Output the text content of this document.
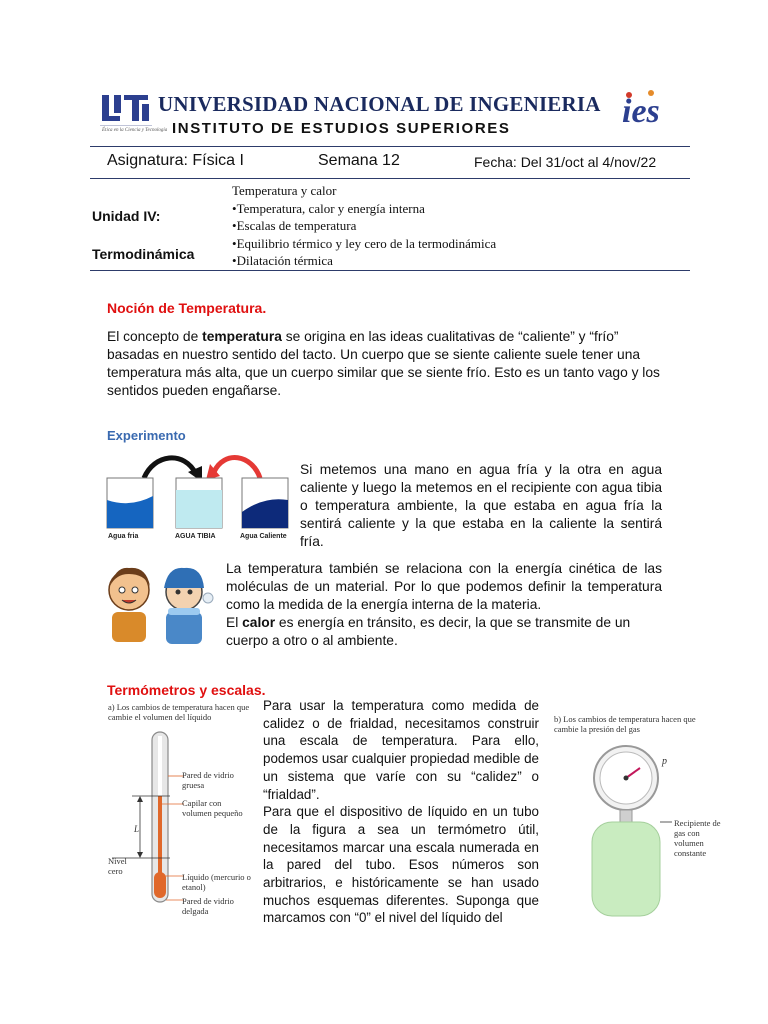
Ética en la Ciencia y Tecnología
UNIVERSIDAD NACIONAL DE INGENIERIA
INSTITUTO DE ESTUDIOS SUPERIORES	ies
Asignatura: Física I	Semana 12	Fecha: Del 31/oct al 4/nov/22
Unidad IV:
Termodinámica
Temperatura y calor
•Temperatura, calor y energía interna
•Escalas de temperatura
•Equilibrio térmico y ley cero de la termodinámica
•Dilatación térmica
Noción de Temperatura.
El concepto de temperatura se origina en las ideas cualitativas de “caliente” y “frío” basadas en nuestro sentido del tacto. Un cuerpo que se siente caliente suele tener una temperatura más alta, que un cuerpo similar que se siente frío. Esto es un tanto vago y los sentidos pueden engañarse.
Experimento
Agua fria	AGUA TIBIA	Agua Caliente
Si metemos una mano en agua fría y la otra en agua caliente y luego la metemos en el recipiente con agua tibia o temperatura ambiente, la que estaba en agua fría la sentirá caliente y la que estaba en la caliente la sentirá fría.
La temperatura también se relaciona con la energía cinética de las moléculas de un material. Por lo que podemos definir la temperatura como la medida de la energía interna de la materia.
El calor es energía en tránsito, es decir, la que se transmite de un cuerpo a otro o al ambiente.
Termómetros y escalas.
a) Los cambios de temperatura hacen que cambie el volumen del líquido
L
Pared de vidrio gruesa
Capilar con volumen pequeño
Nivel cero
Líquido (mercurio o etanol)
Pared de vidrio delgada
Para usar la temperatura como medida de calidez o de frialdad, necesitamos construir una escala de temperatura. Para ello, podemos usar cualquier propiedad medible de un sistema que varíe con su “calidez” o “frialdad”.
Para que el dispositivo de líquido en un tubo de la figura a sea un termómetro útil, necesitamos marcar una escala numerada en la pared del tubo. Esos números son arbitrarios, e históricamente se han usado muchos esquemas diferentes. Suponga que marcamos con “0” el nivel del líquido del
b) Los cambios de temperatura hacen que cambie la presión del gas
p
Recipiente de gas con volumen constante
